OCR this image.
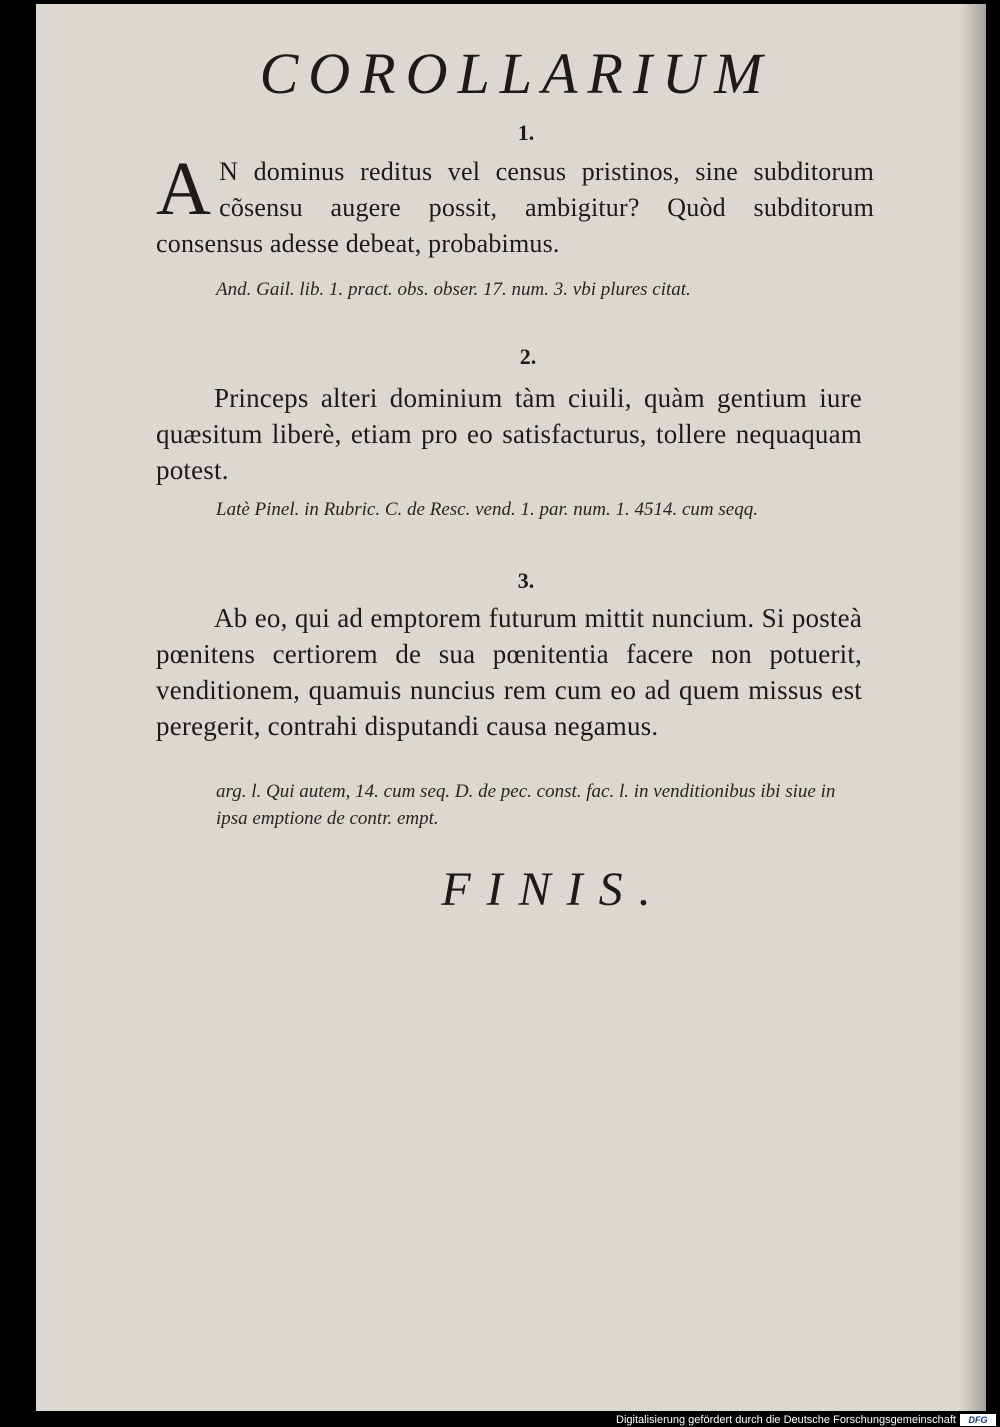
COROLLARIUM
1.
A N dominus reditus vel census pristinos, sine subditorum cõsensu augere possit, ambigitur? Quòd subditorum consensus adesse debeat, probabimus.
And. Gail. lib. 1. pract. obs. obser. 17. num. 3. vbi plures citat.
2.
Princeps alteri dominium tàm ciuili, quàm gentium iure quæsitum liberè, etiam pro eo satisfacturus, tollere nequaquam potest.
Latè Pinel. in Rubric. C. de Resc. vend. 1. par. num. 1. 4514. cum seqq.
3.
Ab eo, qui ad emptorem futurum mittit nuncium. Si posteà pœnitens certiorem de sua pœnitentia facere non potuerit, venditionem, quamuis nuncius rem cum eo ad quem missus est peregerit, contrahi disputandi causa negamus.
arg. l. Qui autem, 14. cum seq. D. de pec. const. fac. l. in venditionibus ibi siue in ipsa emptione de contr. empt.
FINIS.
Digitalisierung gefördert durch die Deutsche Forschungsgemeinschaft	DFG
